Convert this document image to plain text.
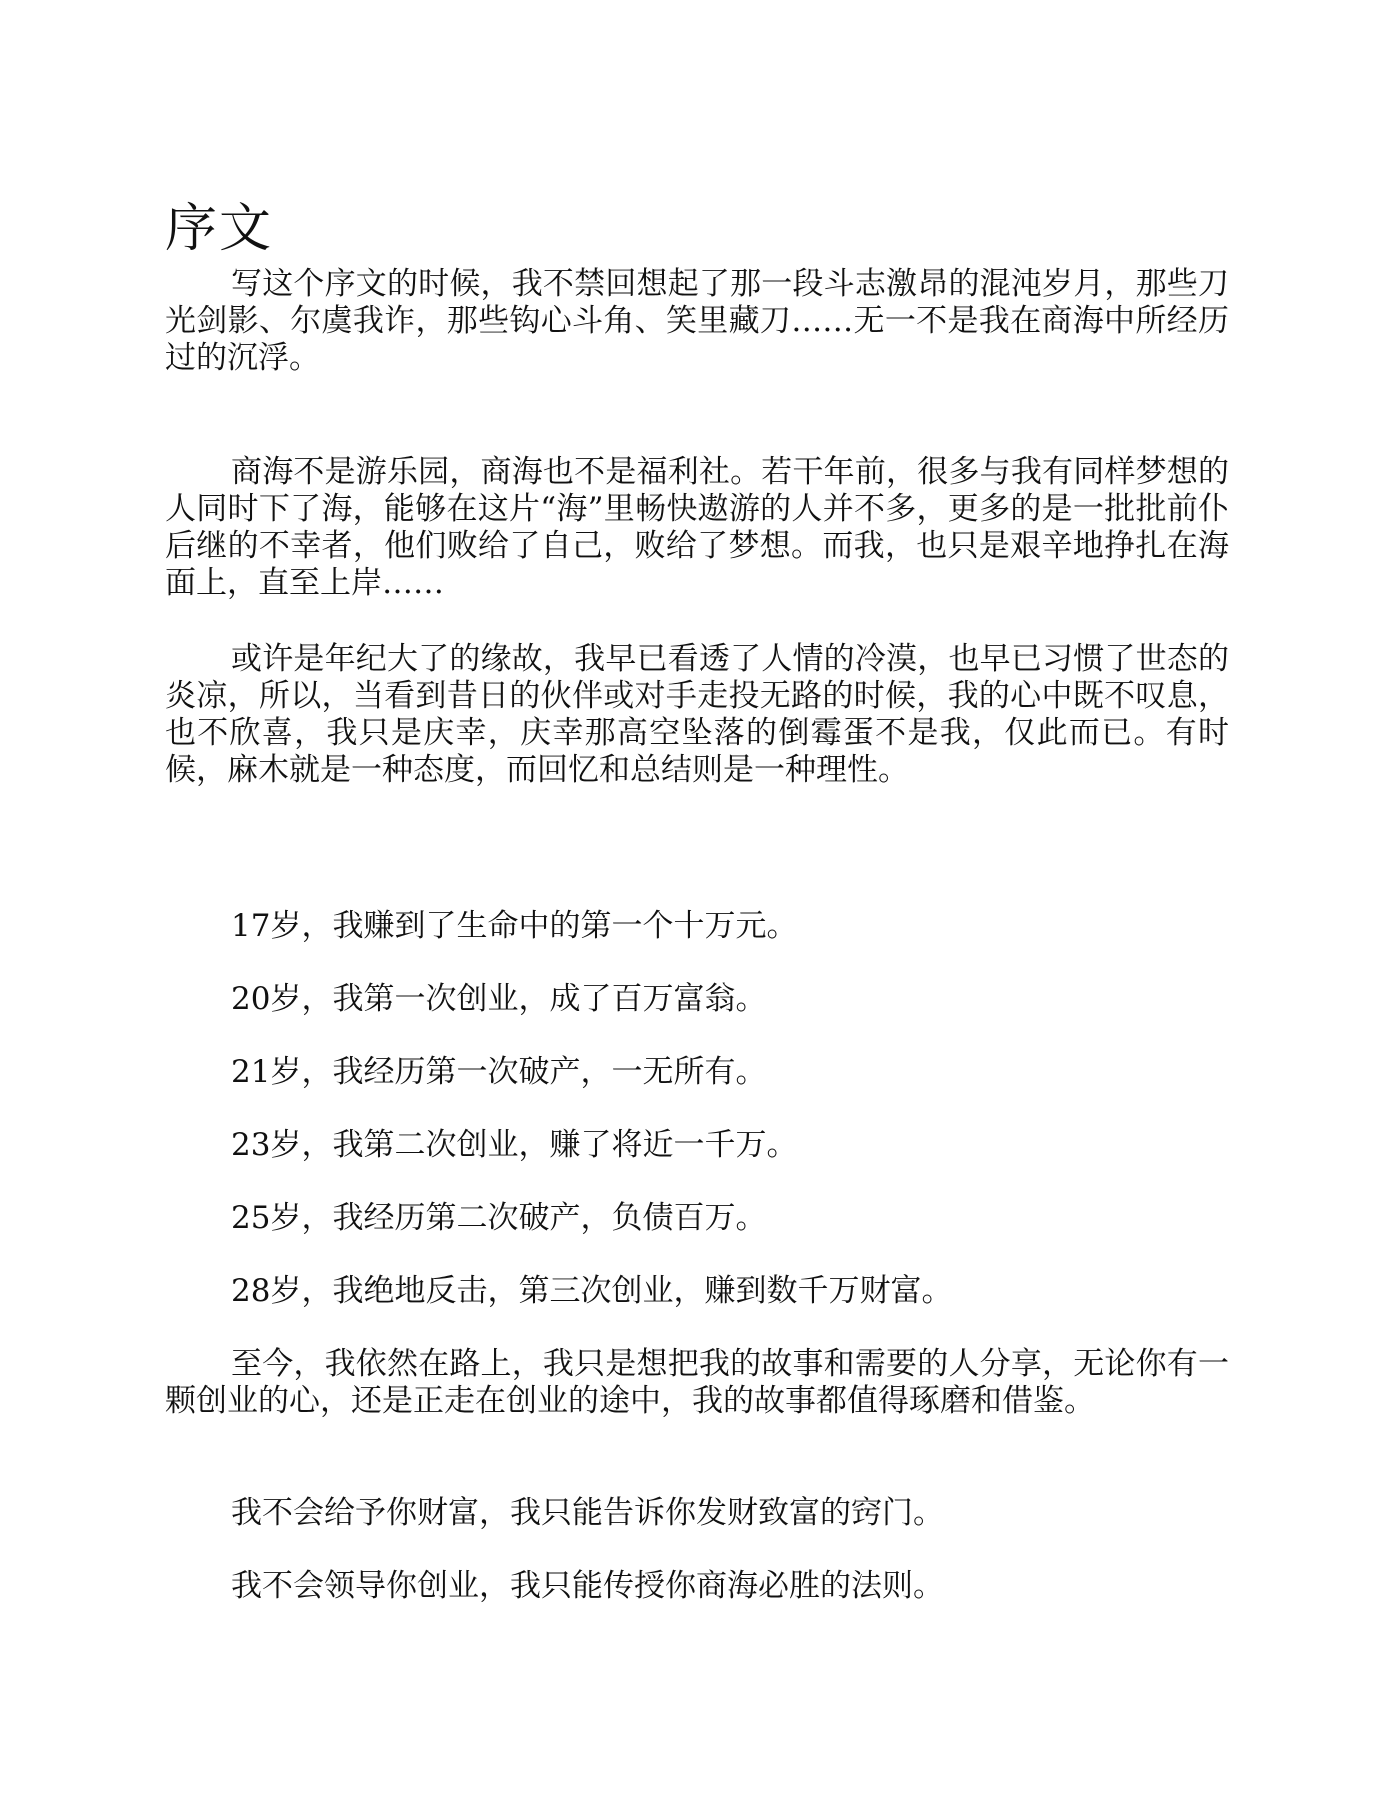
序文

写这个序文的时候，我不禁回想起了那一段斗志激昂的混沌岁月，那些刀光剑影、尔虞我诈，那些钩心斗角、笑里藏刀……无一不是我在商海中所经历过的沉浮。

商海不是游乐园，商海也不是福利社。若干年前，很多与我有同样梦想的人同时下了海，能够在这片“海”里畅快遨游的人并不多，更多的是一批批前仆后继的不幸者，他们败给了自己，败给了梦想。而我，也只是艰辛地挣扎在海面上，直至上岸……

或许是年纪大了的缘故，我早已看透了人情的冷漠，也早已习惯了世态的炎凉，所以，当看到昔日的伙伴或对手走投无路的时候，我的心中既不叹息，也不欣喜，我只是庆幸，庆幸那高空坠落的倒霉蛋不是我，仅此而已。有时候，麻木就是一种态度，而回忆和总结则是一种理性。

17岁，我赚到了生命中的第一个十万元。

20岁，我第一次创业，成了百万富翁。

21岁，我经历第一次破产，一无所有。

23岁，我第二次创业，赚了将近一千万。

25岁，我经历第二次破产，负债百万。

28岁，我绝地反击，第三次创业，赚到数千万财富。

至今，我依然在路上，我只是想把我的故事和需要的人分享，无论你有一颗创业的心，还是正走在创业的途中，我的故事都值得琢磨和借鉴。

我不会给予你财富，我只能告诉你发财致富的窍门。

我不会领导你创业，我只能传授你商海必胜的法则。
